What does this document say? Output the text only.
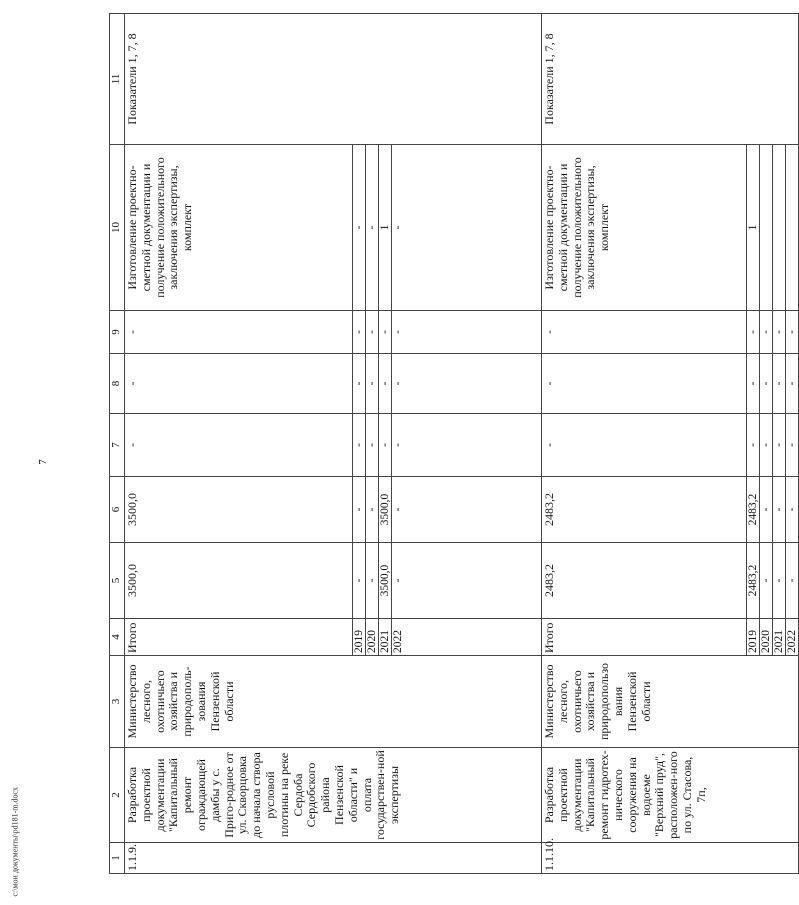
7
1	2	3	4	5	6	7	8	9	10	11
1.1.9.	Разработка проектной документации "Капитальный ремонт ограждающей дамбы у с. Приго-родное от ул. Скворцовка до начала створа русловой плотины на реке Сердоба Сердобского района Пензенской области" и оплата государствен-ной экспертизы	Министерство лесного, охотничьего хозяйства и природополь-зования Пензенской области	Итого	3500,0	3500,0	-	-	-	Изготовление проектно-сметной документации и получение положительного заключения экспертизы, комплект	Показатели 1, 7, 8
			2019	-	-	-	-	-	-	
			2020	-	-	-	-	-	-	
			2021	3500,0	3500,0	-	-	-	1	
			2022	-	-	-	-	-	-	
1.1.10.	Разработка проектной документации "Капитальный ремонт гидротех-нического сооружения на водоеме "Верхний пруд", расположен-ного по ул. Стасова, 7п,	Министерство лесного, охотничьего хозяйства и природопользо вания Пензенской области	Итого	2483,2	2483,2	-	-	-	Изготовление проектно-сметной документации и получение положительного заключения экспертизы, комплект	Показатели 1, 7, 8
			2019	2483,2	2483,2	-	-	-	1	
			2020	-	-	-	-	-		
			2021	-	-	-	-	-		
			2022	-	-	-	-	-		
c:\мои документы\pd181-m.docx
